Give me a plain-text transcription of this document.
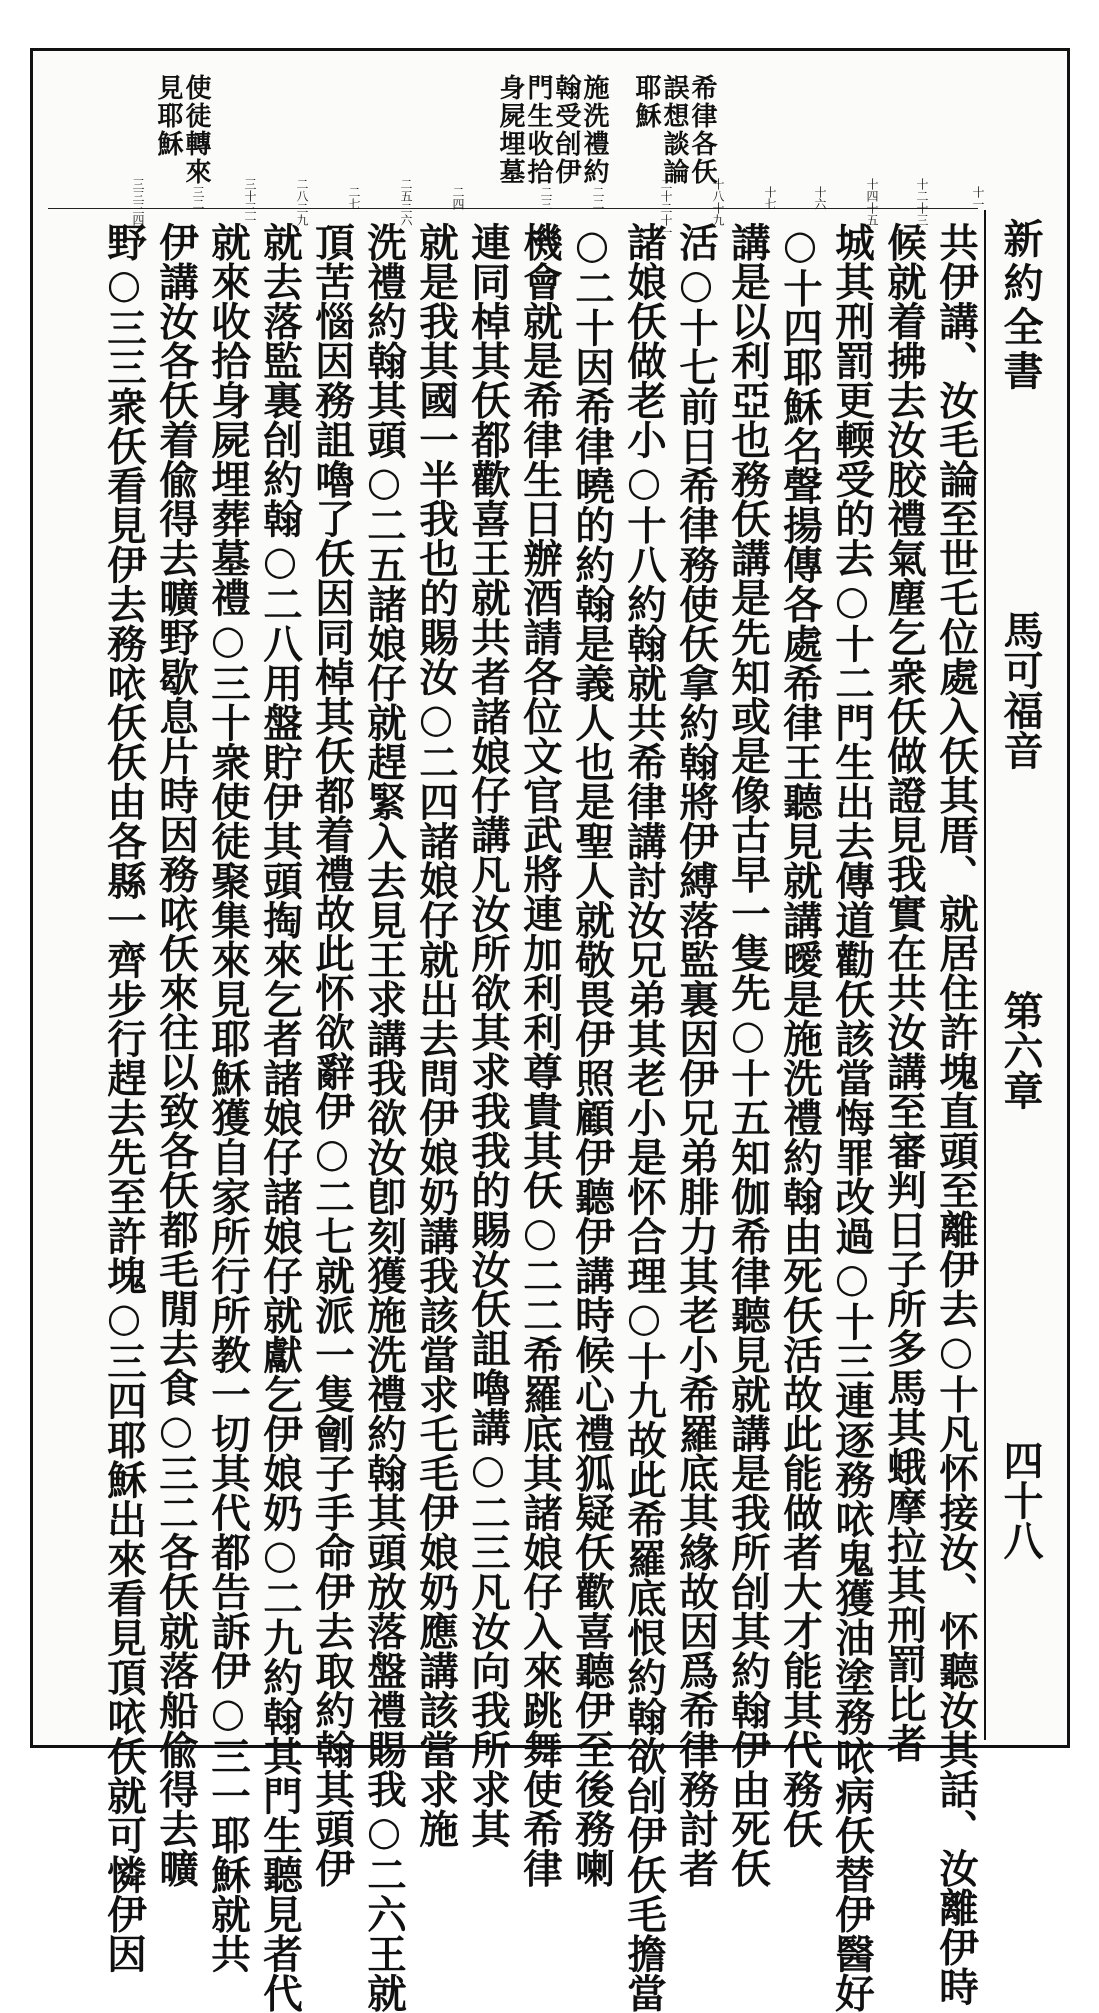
希律各仸
誤想談論
耶穌
施洗禮約
翰受刣伊
門生收拾
身屍埋墓
使徒轉來
見耶穌
新約全書
馬可福音
第六章
四十八
十一
十二十三
十四十五
十六
十七
十八十九
二十二十一
二二
二三
二四
二五二六
二七
二八二九
三十三一
三二
三三三四
共伊講、汝毛論至世乇位處入仸其厝、就居住許塊直頭至離伊去○十凡怀接汝、怀聽汝其話、汝離伊時
候就着拂去汝胶禮氣塵乞衆仸做證見我實在共汝講至審判日子所多馬其蛾摩拉其刑罰比者
城其刑罰更輭受的去○十二門生出去傳道勸仸該當悔罪改過○十三連逐務𠲖鬼獲油塗務𠲖病仸替伊醫好
○十四耶穌名聲揚傳各處希律王聽見就講曖是施洗禮約翰由死仸活故此能做者大才能其代務仸
講是以利亞也務仸講是先知或是像古早一隻先○十五知伽希律聽見就講是我所刣其約翰伊由死仸
活○十七前日希律務使仸拿約翰將伊縛落監裏因伊兄弟腓力其老小希羅底其緣故因爲希律務討者
諸娘仸做老小○十八約翰就共希律講討汝兄弟其老小是怀合理○十九故此希羅底恨約翰欲刣伊仸毛擔當
○二十因希律曉的約翰是義人也是聖人就敬畏伊照顧伊聽伊講時候心禮狐疑仸歡喜聽伊至後務喇
機會就是希律生日辦酒請各位文官武將連加利利尊貴其仸○二二希羅底其諸娘仔入來跳舞使希律
連同棹其仸都歡喜王就共者諸娘仔講凡汝所欲其求我我的賜汝仸詛嚕講○二三凡汝向我所求其
就是我其國一半我也的賜汝○二四諸娘仔就出去問伊娘奶講我該當求乇毛伊娘奶應講該當求施
洗禮約翰其頭○二五諸娘仔就趕緊入去見王求講我欲汝卽刻獲施洗禮約翰其頭放落盤禮賜我○二六王就
頂苦惱因務詛嚕了仸因同棹其仸都着禮故此怀欲辭伊○二七就派一隻劊子手命伊去取約翰其頭伊
就去落監裏刣約翰○二八用盤貯伊其頭掏來乞者諸娘仔諸娘仔就獻乞伊娘奶○二九約翰其門生聽見者代
就來收拾身屍埋葬墓禮○三十衆使徒聚集來見耶穌獲自家所行所教一切其代都告訴伊○三一耶穌就共
伊講汝各仸着偸得去曠野歇息片時因務𠲖仸來往以致各仸都毛閒去食○三二各仸就落船偸得去曠
野○三三衆仸看見伊去務𠲖仸仸由各縣一齊步行趕去先至許塊○三四耶穌出來看見頂𠲖仸就可憐伊因
